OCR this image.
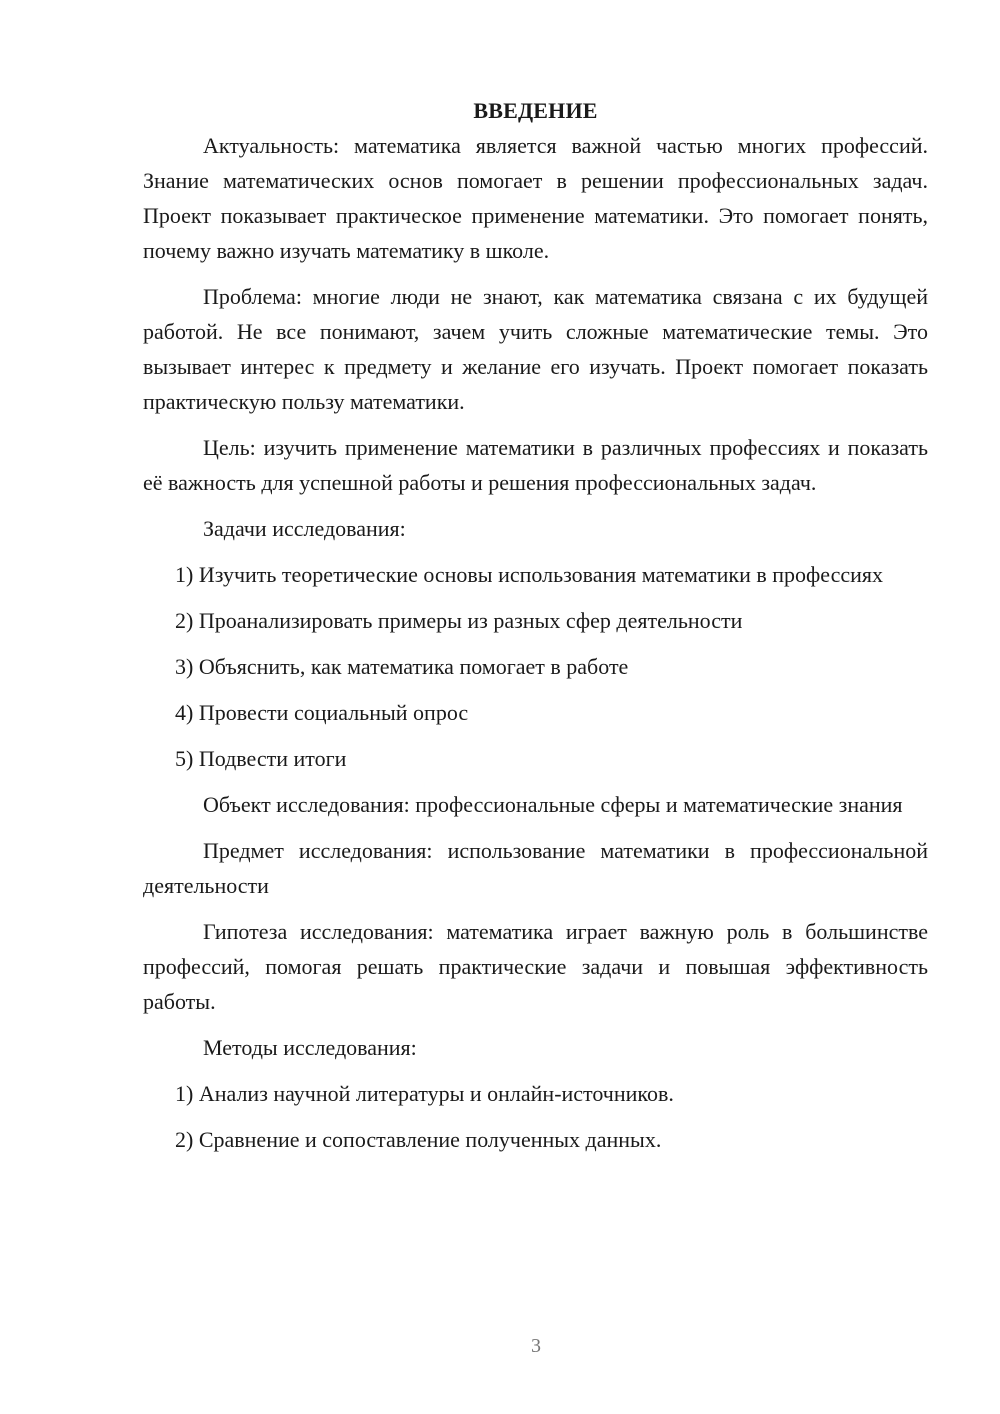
ВВЕДЕНИЕ

Актуальность: математика является важной частью многих профессий. Знание математических основ помогает в решении профессиональных задач. Проект показывает практическое применение математики. Это помогает понять, почему важно изучать математику в школе.

Проблема: многие люди не знают, как математика связана с их будущей работой. Не все понимают, зачем учить сложные математические темы. Это вызывает интерес к предмету и желание его изучать. Проект помогает показать практическую пользу математики.

Цель: изучить применение математики в различных профессиях и показать её важность для успешной работы и решения профессиональных задач.

Задачи исследования:

1) Изучить теоретические основы использования математики в профессиях

2) Проанализировать примеры из разных сфер деятельности

3) Объяснить, как математика помогает в работе

4) Провести социальный опрос

5) Подвести итоги

Объект исследования: профессиональные сферы и математические знания

Предмет исследования: использование математики в профессиональной деятельности

Гипотеза исследования: математика играет важную роль в большинстве профессий, помогая решать практические задачи и повышая эффективность работы.

Методы исследования:

1) Анализ научной литературы и онлайн-источников.

2) Сравнение и сопоставление полученных данных.

3
